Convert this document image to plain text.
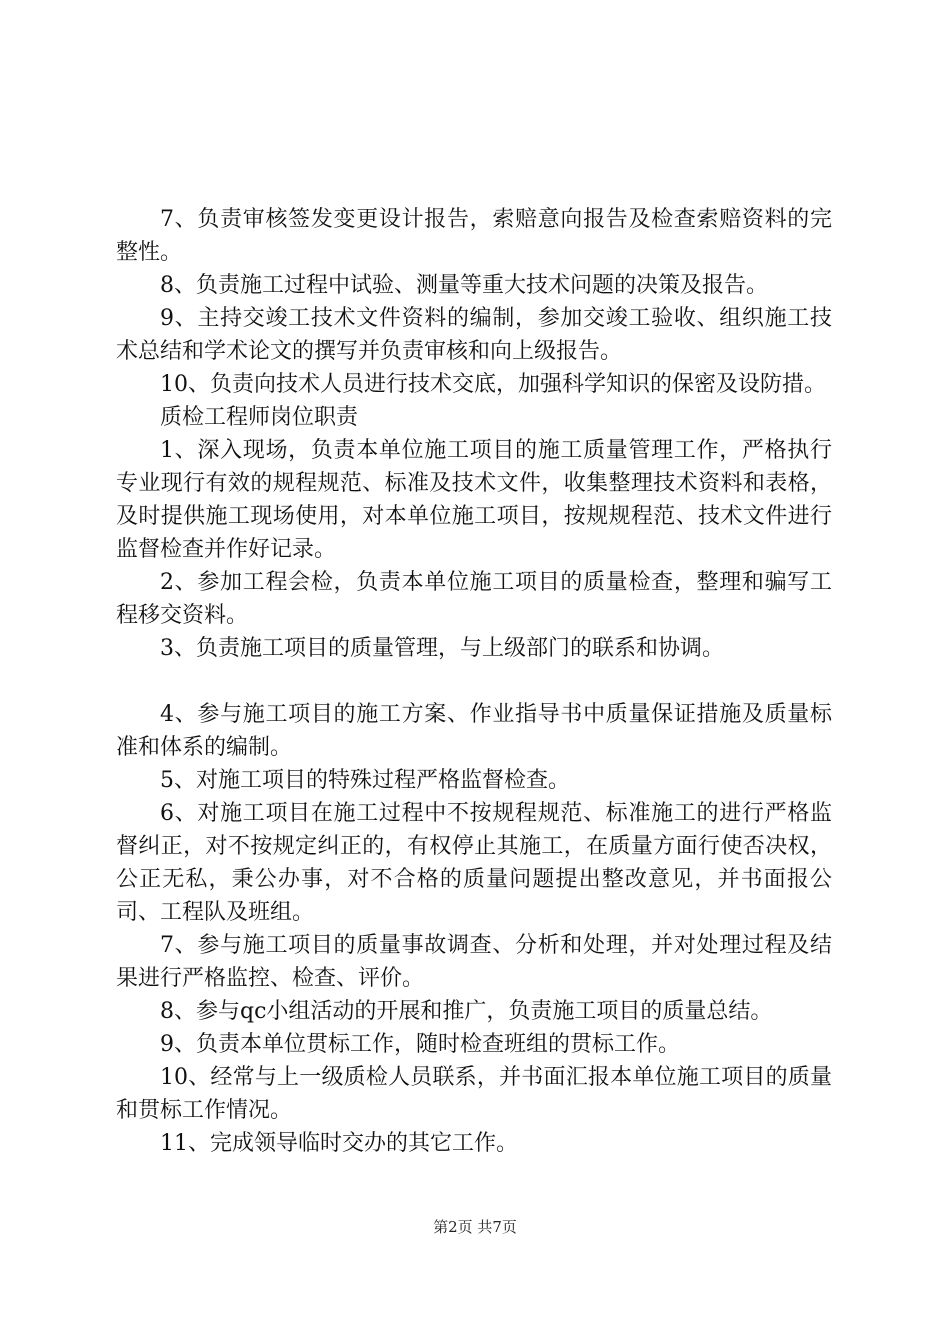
7、负责审核签发变更设计报告，索赔意向报告及检查索赔资料的完整性。

8、负责施工过程中试验、测量等重大技术问题的决策及报告。

9、主持交竣工技术文件资料的编制，参加交竣工验收、组织施工技术总结和学术论文的撰写并负责审核和向上级报告。

10、负责向技术人员进行技术交底，加强科学知识的保密及设防措。

质检工程师岗位职责

1、深入现场，负责本单位施工项目的施工质量管理工作，严格执行专业现行有效的规程规范、标准及技术文件，收集整理技术资料和表格，及时提供施工现场使用，对本单位施工项目，按规规程范、技术文件进行监督检查并作好记录。

2、参加工程会检，负责本单位施工项目的质量检查，整理和骗写工程移交资料。

3、负责施工项目的质量管理，与上级部门的联系和协调。

4、参与施工项目的施工方案、作业指导书中质量保证措施及质量标准和体系的编制。

5、对施工项目的特殊过程严格监督检查。

6、对施工项目在施工过程中不按规程规范、标准施工的进行严格监督纠正，对不按规定纠正的，有权停止其施工，在质量方面行使否决权，公正无私，秉公办事，对不合格的质量问题提出整改意见，并书面报公司、工程队及班组。

7、参与施工项目的质量事故调查、分析和处理，并对处理过程及结果进行严格监控、检查、评价。

8、参与qc小组活动的开展和推广，负责施工项目的质量总结。

9、负责本单位贯标工作，随时检查班组的贯标工作。

10、经常与上一级质检人员联系，并书面汇报本单位施工项目的质量和贯标工作情况。

11、完成领导临时交办的其它工作。

第2页 共7页
